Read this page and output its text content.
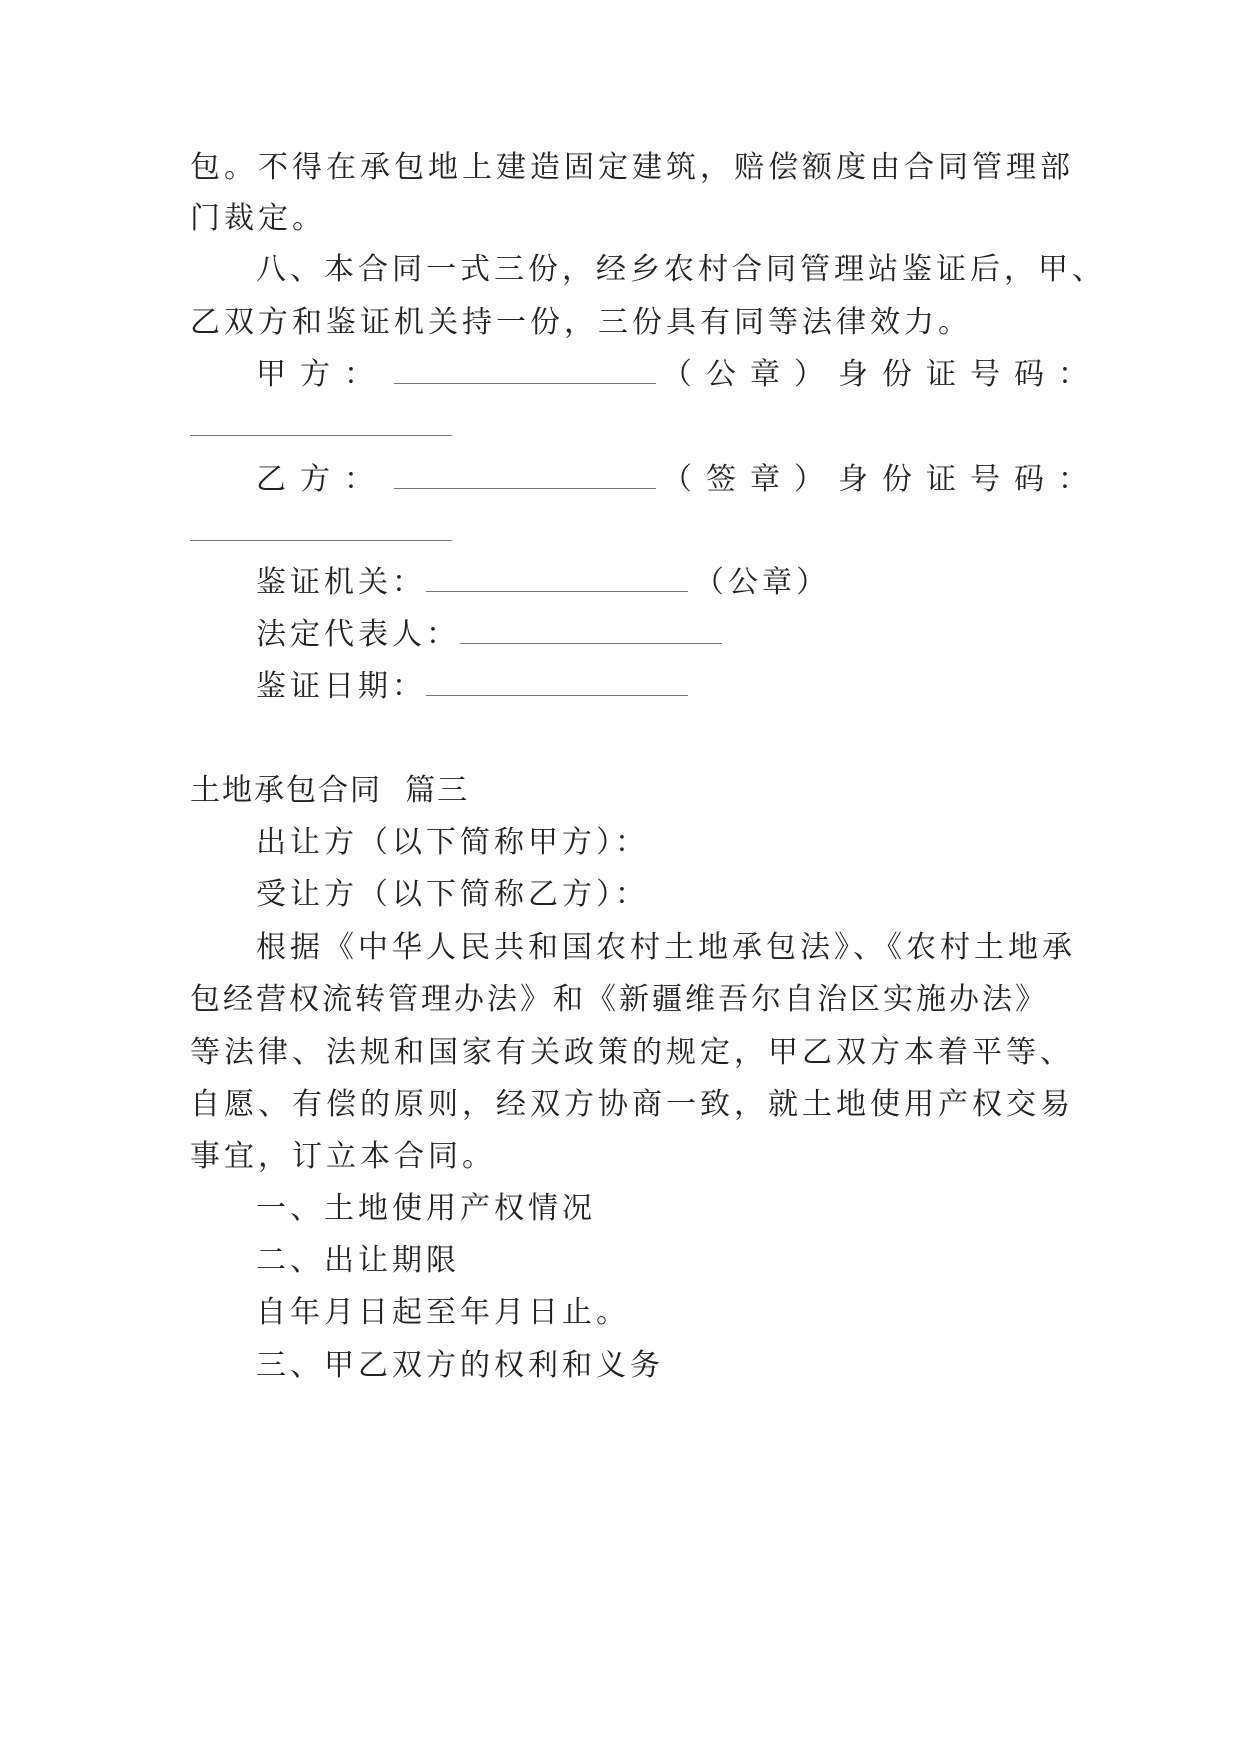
包。不得在承包地上建造固定建筑，赔偿额度由合同管理部
门裁定。
八、本合同一式三份，经乡农村合同管理站鉴证后，甲、
乙双方和鉴证机关持一份，三份具有同等法律效力。
甲方：	（公章）身份证号码：
乙方：	（签章）身份证号码：
鉴证机关：	（公章）
法定代表人：
鉴证日期：
土地承包合同  篇三
出让方（以下简称甲方）：
受让方（以下简称乙方）：
根据《中华人民共和国农村土地承包法》、《农村土地承
包经营权流转管理办法》和《新疆维吾尔自治区实施办法》
等法律、法规和国家有关政策的规定，甲乙双方本着平等、
自愿、有偿的原则，经双方协商一致，就土地使用产权交易
事宜，订立本合同。
一、土地使用产权情况
二、出让期限
自年月日起至年月日止。
三、甲乙双方的权利和义务
